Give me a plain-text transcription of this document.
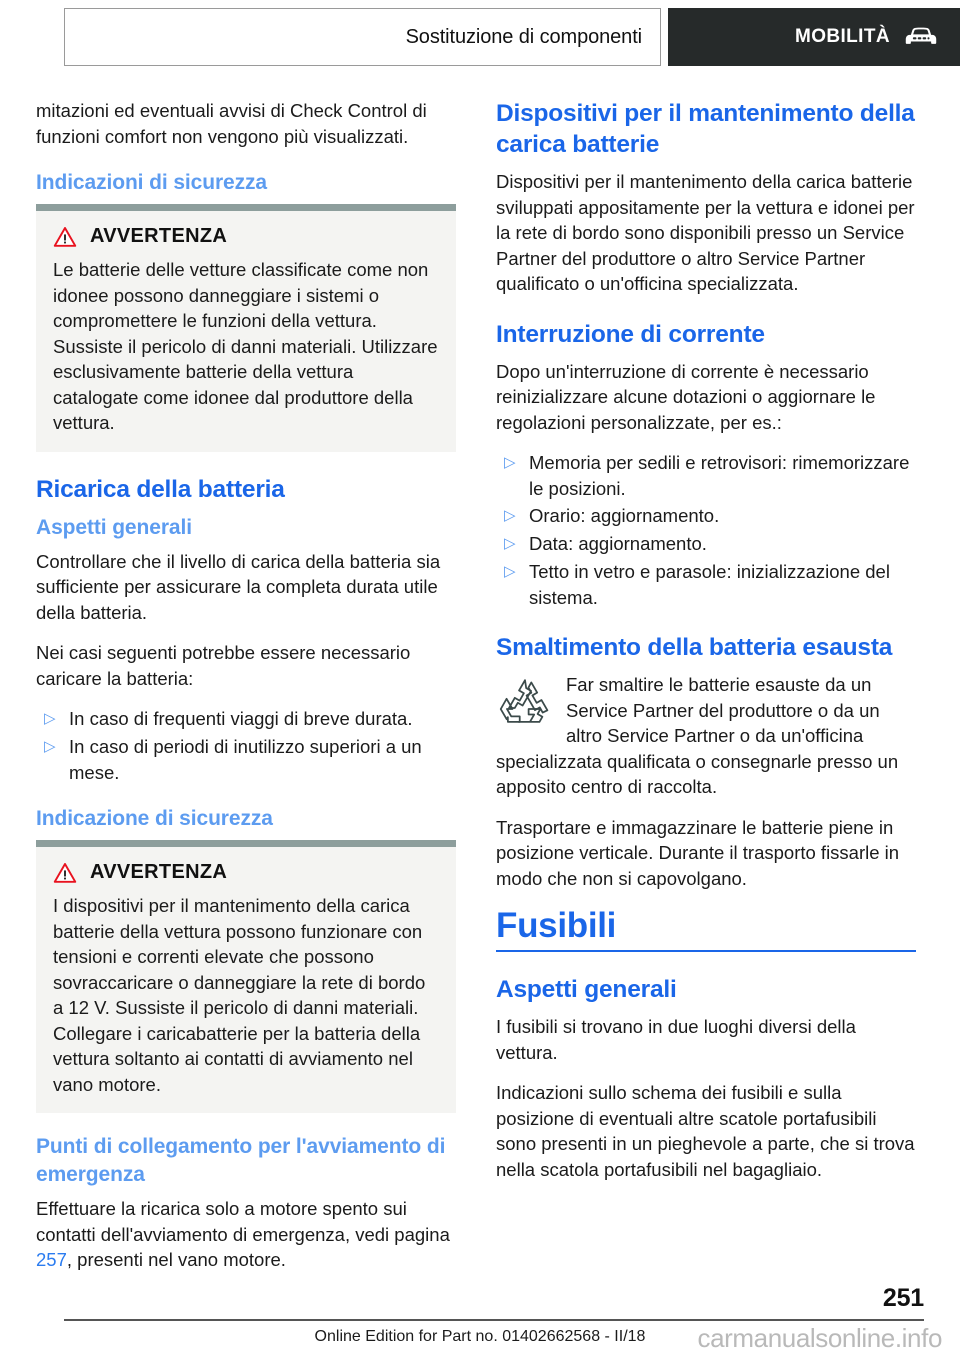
Sostituzione di componenti	MOBILITÀ

mitazioni ed eventuali avvisi di Check Control di funzioni comfort non vengono più visualizzati.

Indicazioni di sicurezza
AVVERTENZA

Le batterie delle vetture classificate come non idonee possono danneggiare i sistemi o compromettere le funzioni della vettura. Sussiste il pericolo di danni materiali. Utilizzare esclusivamente batterie della vettura catalogate come idonee dal produttore della vettura.

Ricarica della batteria
Aspetti generali

Controllare che il livello di carica della batteria sia sufficiente per assicurare la completa durata utile della batteria.

Nei casi seguenti potrebbe essere necessario caricare la batteria:

▷ In caso di frequenti viaggi di breve durata.
▷ In caso di periodi di inutilizzo superiori a un mese.
Indicazione di sicurezza
AVVERTENZA

I dispositivi per il mantenimento della carica batterie della vettura possono funzionare con tensioni e correnti elevate che possono sovraccaricare o danneggiare la rete di bordo a 12 V. Sussiste il pericolo di danni materiali. Collegare i caricabatterie per la batteria della vettura soltanto ai contatti di avviamento nel vano motore.

Punti di collegamento per l'avviamento di emergenza

Effettuare la ricarica solo a motore spento sui contatti dell'avviamento di emergenza, vedi pagina 257, presenti nel vano motore.

Dispositivi per il mantenimento della carica batterie

Dispositivi per il mantenimento della carica batterie sviluppati appositamente per la vettura e idonei per la rete di bordo sono disponibili presso un Service Partner del produttore o altro Service Partner qualificato o un'officina specializzata.

Interruzione di corrente

Dopo un'interruzione di corrente è necessario reinizializzare alcune dotazioni o aggiornare le regolazioni personalizzate, per es.:

▷ Memoria per sedili e retrovisori: rimemorizzare le posizioni.
▷ Orario: aggiornamento.
▷ Data: aggiornamento.
▷ Tetto in vetro e parasole: inizializzazione del sistema.
Smaltimento della batteria esausta

Far smaltire le batterie esauste da un Service Partner del produttore o da un altro Service Partner o da un'officina specializzata qualificata o consegnarle presso un apposito centro di raccolta.

Trasportare e immagazzinare le batterie piene in posizione verticale. Durante il trasporto fissarle in modo che non si capovolgano.

Fusibili
Aspetti generali

I fusibili si trovano in due luoghi diversi della vettura.

Indicazioni sullo schema dei fusibili e sulla posizione di eventuali altre scatole portafusibili sono presenti in un pieghevole a parte, che si trova nella scatola portafusibili nel bagagliaio.

251
Online Edition for Part no. 01402662568 - II/18	carmanualsonline.info
